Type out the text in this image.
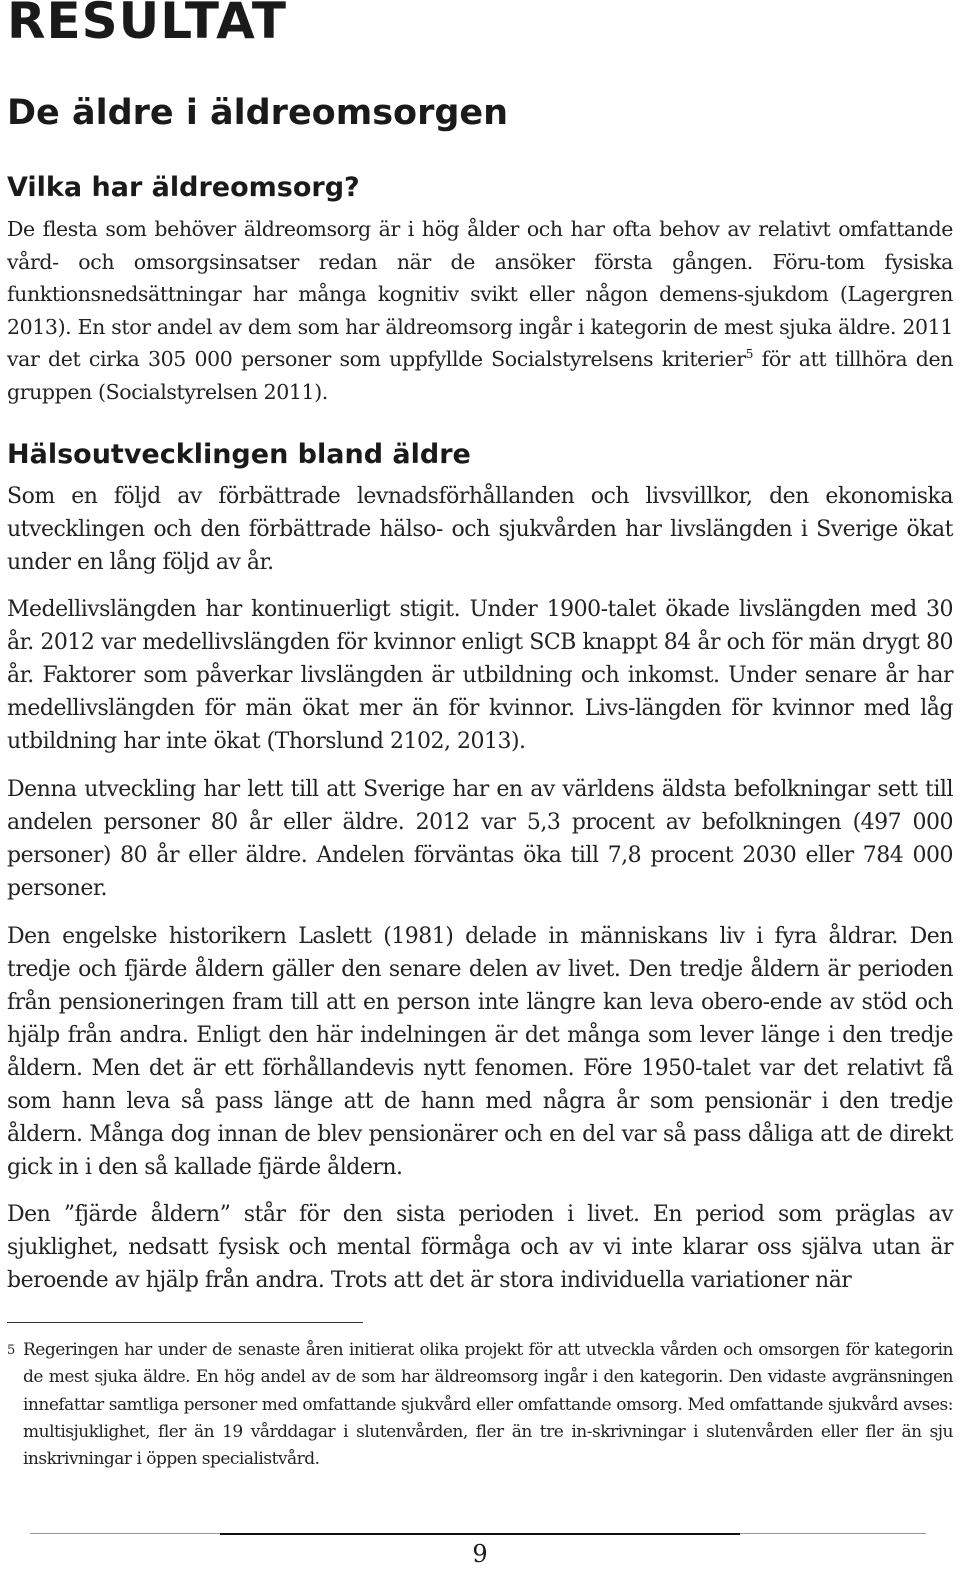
RESULTAT
De äldre i äldreomsorgen
Vilka har äldreomsorg?

De flesta som behöver äldreomsorg är i hög ålder och har ofta behov av relativt omfattande vård- och omsorgsinsatser redan när de ansöker första gången. Föru-tom fysiska funktionsnedsättningar har många kognitiv svikt eller någon demens-sjukdom (Lagergren 2013). En stor andel av dem som har äldreomsorg ingår i kategorin de mest sjuka äldre. 2011 var det cirka 305 000 personer som uppfyllde Socialstyrelsens kriterier$^5$ för att tillhöra den gruppen (Socialstyrelsen 2011).

Hälsoutvecklingen bland äldre

Som en följd av förbättrade levnadsförhållanden och livsvillkor, den ekonomiska utvecklingen och den förbättrade hälso- och sjukvården har livslängden i Sverige ökat under en lång följd av år.

Medellivslängden har kontinuerligt stigit. Under 1900-talet ökade livslängden med 30 år. 2012 var medellivslängden för kvinnor enligt SCB knappt 84 år och för män drygt 80 år. Faktorer som påverkar livslängden är utbildning och inkomst. Under senare år har medellivslängden för män ökat mer än för kvinnor. Livs-längden för kvinnor med låg utbildning har inte ökat (Thorslund 2102, 2013).

Denna utveckling har lett till att Sverige har en av världens äldsta befolkningar sett till andelen personer 80 år eller äldre. 2012 var 5,3 procent av befolkningen (497 000 personer) 80 år eller äldre. Andelen förväntas öka till 7,8 procent 2030 eller 784 000 personer.

Den engelske historikern Laslett (1981) delade in människans liv i fyra åldrar. Den tredje och fjärde åldern gäller den senare delen av livet. Den tredje åldern är perioden från pensioneringen fram till att en person inte längre kan leva obero-ende av stöd och hjälp från andra. Enligt den här indelningen är det många som lever länge i den tredje åldern. Men det är ett förhållandevis nytt fenomen. Före 1950-talet var det relativt få som hann leva så pass länge att de hann med några år som pensionär i den tredje åldern. Många dog innan de blev pensionärer och en del var så pass dåliga att de direkt gick in i den så kallade fjärde åldern.

Den ”fjärde åldern” står för den sista perioden i livet. En period som präglas av sjuklighet, nedsatt fysisk och mental förmåga och av vi inte klarar oss själva utan är beroende av hjälp från andra. Trots att det är stora individuella variationer när

5 Regeringen har under de senaste åren initierat olika projekt för att utveckla vården och omsorgen för kategorin de mest sjuka äldre. En hög andel av de som har äldreomsorg ingår i den kategorin. Den vidaste avgränsningen innefattar samtliga personer med omfattande sjukvård eller omfattande omsorg. Med omfattande sjukvård avses: multisjuklighet, fler än 19 vårddagar i slutenvården, fler än tre in-skrivningar i slutenvården eller fler än sju inskrivningar i öppen specialistvård.
9
